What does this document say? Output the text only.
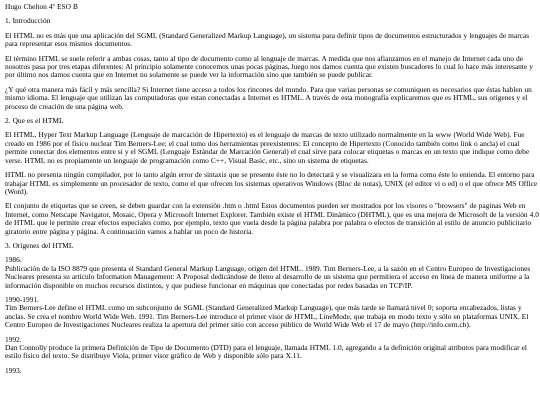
Hugo Chelton 4º ESO B

1. Introducción

El HTML no es más que una aplicación del SGML (Standard Generalized Markup Language), un sistema para definir tipos de documentos estructurados y lenguajes de marcas para representar esos mismos documentos.

El término HTML se suele referir a ambas cosas, tanto al tipo de documento como al lenguaje de marcas. A medida que nos afianzamos en el manejo de Internet cada uno de nosotros pasa por tres etapas diferentes: Al principio solamente conocemos unas pocas páginas, luego nos damos cuenta que existen buscadores lo cual lo hace más interesante y por último nos damos cuenta que en Internet no solamente se puede ver la información sino que también se puede publicar.

¿Y qué otra manera más fácil y más sencilla? Si Internet tiene acceso a todos los rincones del mundo. Para que varias personas se comuniquen es necesarios que éstas hablen un mismo idioma. El lenguaje que utilizan las computadoras que estan conectadas a Internet es HTML. A través de esta monografía explicaremos que es HTML, sus origenes y el proceso de creación de una página web.

2. Que es el HTML

El HTML, Hyper Text Markup Language (Lenguaje de marcación de Hipertexto) es el lenguaje de marcas de texto utilizado normalmente en la www (World Wide Web). Fue creado en 1986 por el físico nuclear Tim Berners-Lee; el cual tomo dos herramientas preexistentes: El concepto de Hipertexto (Conocido también como link o ancla) el cual permite conectar dos elementos entre si y el SGML (Lenguaje Estándar de Marcación General) el cual sirve para colocar etiquetas o marcas en un texto que indique como debe verse. HTML no es propiamente un lenguaje de programación como C++, Visual Basic, etc., sino un sistema de etiquetas.

HTML no presenta ningún compilador, por lo tanto algún error de sintaxis que se presente éste no lo detectará y se visualizara en la forma como éste lo entienda. El entorno para trabajar HTML es simplemente un procesador de texto, como el que ofrecen los sistemas operativos Windows (Bloc de notas), UNIX (el editor vi o ed) o el que ofrece MS Office (Word).

El conjunto de etiquetas que se creen, se deben guardar con la extensión .htm o .html Estos documentos pueden ser mostrados por los visores o "browsers" de paginas Web en Internet, como Netscape Navigator, Mosaic, Opera y Microsoft Internet Explorer. También existe el HTML Dinámico (DHTML), que es una mejora de Microsoft de la versión 4.0 de HTML que le permite crear efectos especiales como, por ejemplo, texto que vuela desde la página palabra por palabra o efectos de transición al estilo de anuncio publicitario giratorio entre página y página. A continuación vamos a hablar un poco de historia.

3. Orígenes del HTML

1986.

Publicación de la ISO 8879 que presenta el Standard General Markup Language, origen del HTML. 1989. Tim Berners-Lee, a la sazón en el Centro Europeo de Investigaciones Nucleares presenta su artículo Information Management: A Proposal dedicándose de lleno al desarrollo de un sistema que permitiera el acceso en línea de manera uniforme a la información disponible en muchos recursos distintos, y que pudiese funcionar en máquinas que conectadas por redes basadas en TCP/IP.

1990-1991.

Tim Berners-Lee define el HTML como un subconjunto de SGML (Standard Generalized Markup Language), que más tarde se llamará nivel 0; soporta encabezados, listas y anclas. Se crea el nombre World Wide Web. 1991. Tim Berners-Lee introduce el primer visor de HTML, LineMode, que trabaja en modo texto y sólo en plataformas UNIX. El Centro Europeo de Investigaciones Nucleares realiza la apertura del primer sitio con acceso público de World Wide Web el 17 de mayo (http://info.cern.ch).

1992.

Dan Connolly produce la primera Definición de Tipo de Documento (DTD) para el lenguaje, llamada HTML 1.0, agregando a la definición original atributos para modificar el estilo físico del texto. Se distribuye Viola, primer visor gráfico de Web y disponible sólo para X.11.

1993.
